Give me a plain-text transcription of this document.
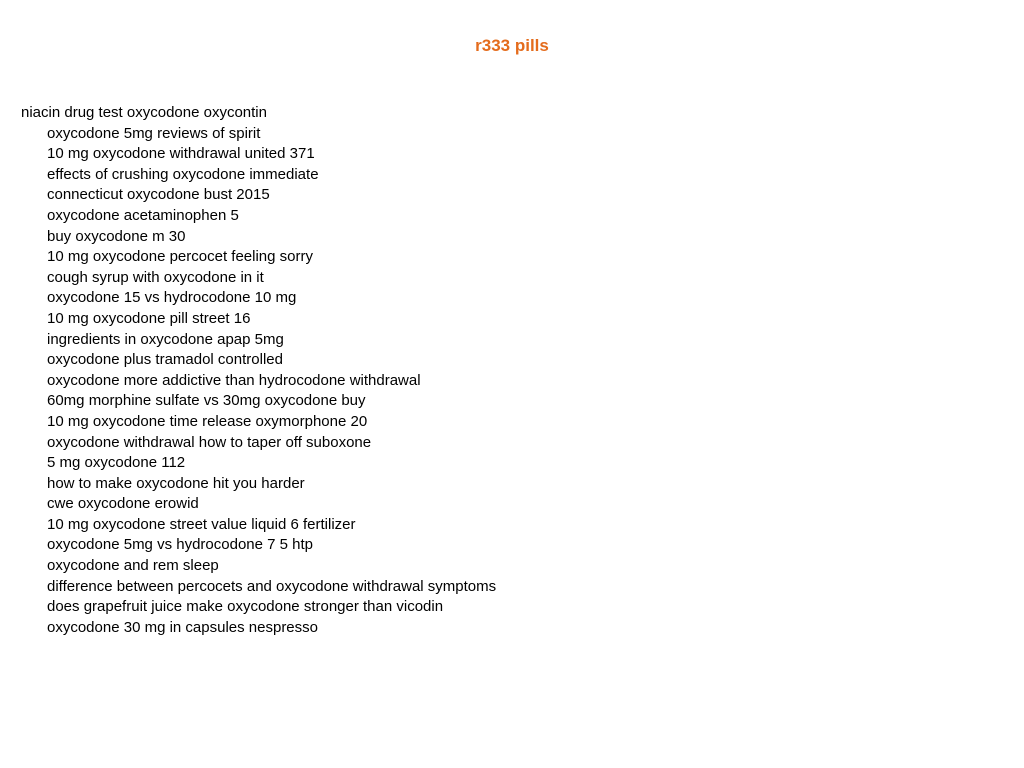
r333 pills
niacin drug test oxycodone oxycontin
oxycodone 5mg reviews of spirit
10 mg oxycodone withdrawal united 371
effects of crushing oxycodone immediate
connecticut oxycodone bust 2015
oxycodone acetaminophen 5
buy oxycodone m 30
10 mg oxycodone percocet feeling sorry
cough syrup with oxycodone in it
oxycodone 15 vs hydrocodone 10 mg
10 mg oxycodone pill street 16
ingredients in oxycodone apap 5mg
oxycodone plus tramadol controlled
oxycodone more addictive than hydrocodone withdrawal
60mg morphine sulfate vs 30mg oxycodone buy
10 mg oxycodone time release oxymorphone 20
oxycodone withdrawal how to taper off suboxone
5 mg oxycodone 112
how to make oxycodone hit you harder
cwe oxycodone erowid
10 mg oxycodone street value liquid 6 fertilizer
oxycodone 5mg vs hydrocodone 7 5 htp
oxycodone and rem sleep
difference between percocets and oxycodone withdrawal symptoms
does grapefruit juice make oxycodone stronger than vicodin
oxycodone 30 mg in capsules nespresso
